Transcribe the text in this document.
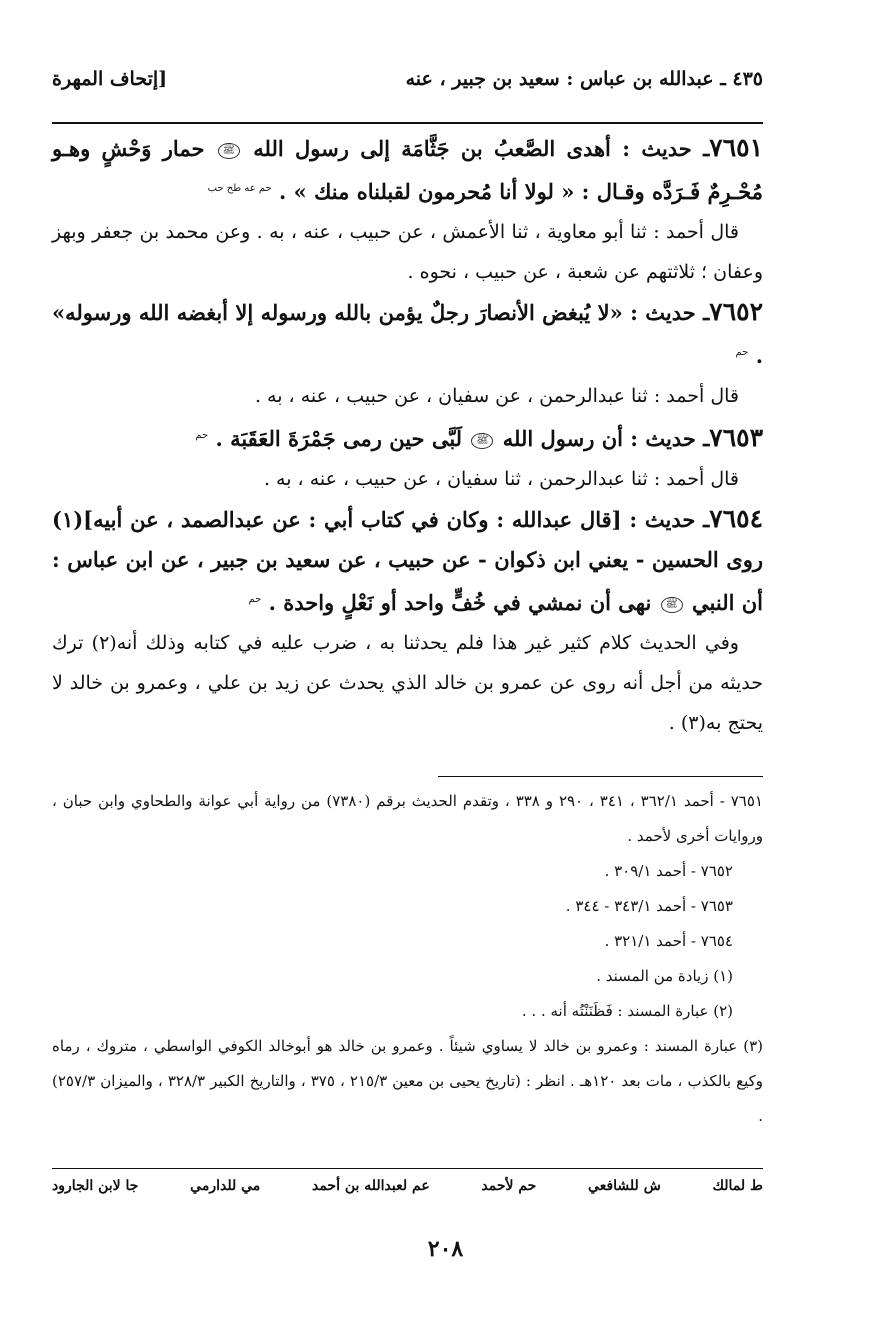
٤٣٥ ـ عبدالله بن عباس : سعيد بن جبير ، عنه
[إتحاف المهرة

٧٦٥١ـ حديث : أهدى الصَّعبُ بن جَثَّامَة إلى رسول الله ﷺ حمار وَحْشٍ وهـو مُحْـرِمٌ فَـرَدَّه وقـال : « لولا أنا مُحرمون لقبلناه منك » . $^{حم عه طح حب}$

قال أحمد : ثنا أبو معاوية ، ثنا الأعمش ، عن حبيب ، عنه ، به . وعن محمد بن جعفر وبهز وعفان ؛ ثلاثتهم عن شعبة ، عن حبيب ، نحوه .

٧٦٥٢ـ حديث : «لا يُبغض الأنصارَ رجلٌ يؤمن بالله ورسوله إلا أبغضه الله ورسوله» . $^{حم}$

قال أحمد : ثنا عبدالرحمن ، عن سفيان ، عن حبيب ، عنه ، به .

٧٦٥٣ـ حديث : أن رسول الله ﷺ لَبَّى حين رمى جَمْرَةَ العَقَبَة . $^{حم}$

قال أحمد : ثنا عبدالرحمن ، ثنا سفيان ، عن حبيب ، عنه ، به .

٧٦٥٤ـ حديث : [قال عبدالله : وكان في كتاب أبي : عن عبدالصمد ، عن أبيه](١) روى الحسين - يعني ابن ذكوان - عن حبيب ، عن سعيد بن جبير ، عن ابن عباس : أن النبي ﷺ نهى أن نمشي في خُفٍّ واحد أو نَعْلٍ واحدة . $^{حم}$

وفي الحديث كلام كثير غير هذا فلم يحدثنا به ، ضرب عليه في كتابه وذلك أنه(٢) ترك حديثه من أجل أنه روى عن عمرو بن خالد الذي يحدث عن زيد بن علي ، وعمرو بن خالد لا يحتج به(٣) .

٧٦٥١ - أحمد ٣٦٢/١ ، ٣٤١ ، ٢٩٠ و ٣٣٨ ، وتقدم الحديث برقم (٧٣٨٠) من رواية أبي عوانة والطحاوي وابن حبان ، وروايات أخرى لأحمد .

٧٦٥٢ - أحمد ٣٠٩/١ .

٧٦٥٣ - أحمد ٣٤٣/١ - ٣٤٤ .

٧٦٥٤ - أحمد ٣٢١/١ .

(١) زيادة من المسند .

(٢) عبارة المسند : فَظَنَنْتُه أنه . . .

(٣) عبارة المسند : وعمرو بن خالد لا يساوي شيئاً . وعمرو بن خالد هو أبوخالد الكوفي الواسطي ، متروك ، رماه وكيع بالكذب ، مات بعد ١٢٠هـ . انظر : (تاريخ يحيى بن معين ٢١٥/٣ ، ٣٧٥ ، والتاريخ الكبير ٣٢٨/٣ ، والميزان ٢٥٧/٣) .

ط لمالك
ش للشافعي
حم لأحمد
عم لعبدالله بن أحمد
مي للدارمي
جا لابن الجارود
٢٠٨
